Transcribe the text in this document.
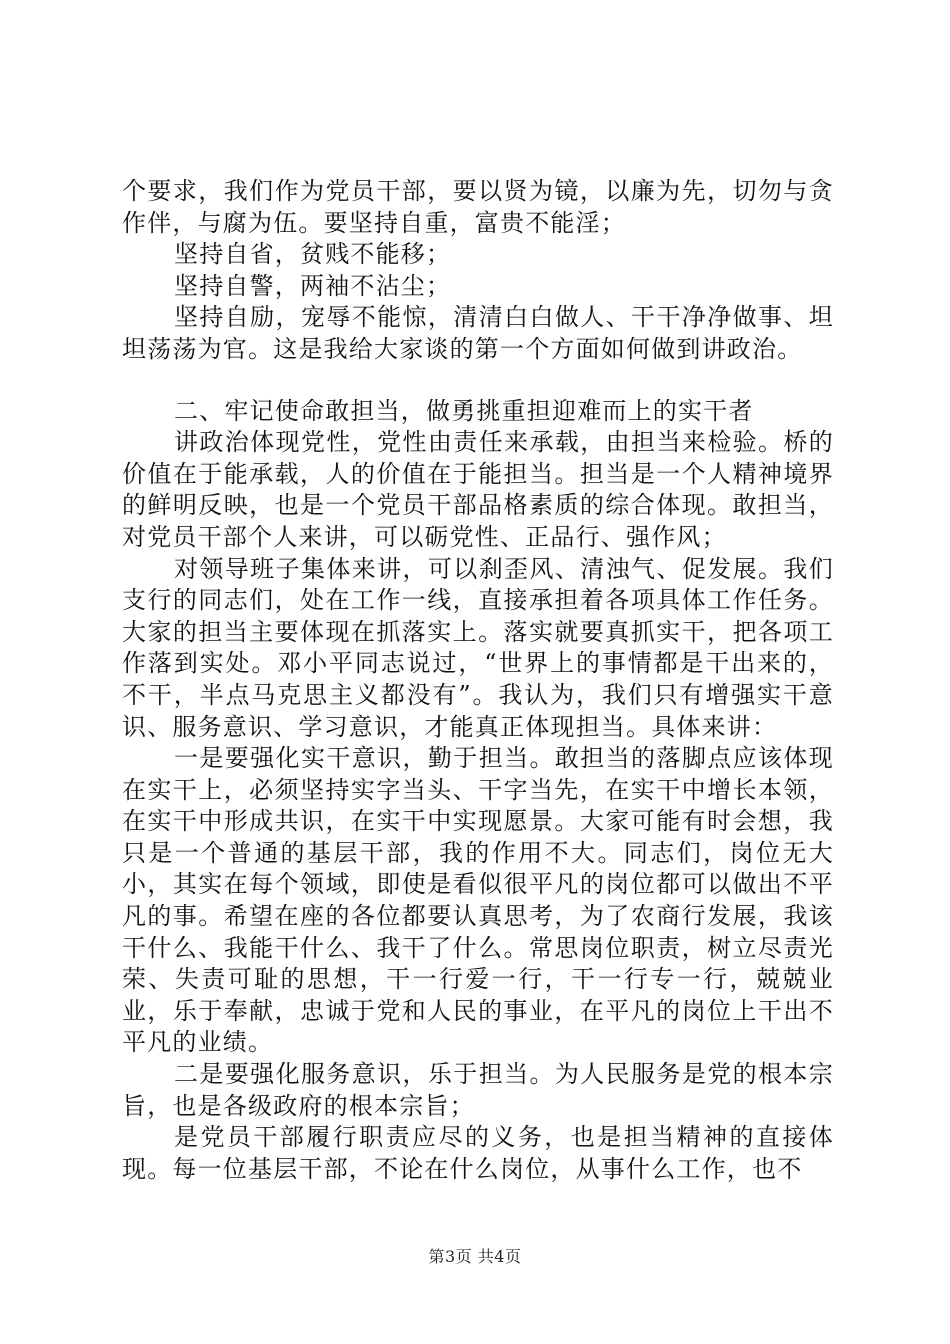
个要求，我们作为党员干部，要以贤为镜，以廉为先，切勿与贪作伴，与腐为伍。要坚持自重，富贵不能淫；

坚持自省，贫贱不能移；

坚持自警，两袖不沾尘；

坚持自励，宠辱不能惊，清清白白做人、干干净净做事、坦坦荡荡为官。这是我给大家谈的第一个方面如何做到讲政治。

二、牢记使命敢担当，做勇挑重担迎难而上的实干者

讲政治体现党性，党性由责任来承载，由担当来检验。桥的价值在于能承载，人的价值在于能担当。担当是一个人精神境界的鲜明反映，也是一个党员干部品格素质的综合体现。敢担当，对党员干部个人来讲，可以砺党性、正品行、强作风；

对领导班子集体来讲，可以刹歪风、清浊气、促发展。我们支行的同志们，处在工作一线，直接承担着各项具体工作任务。大家的担当主要体现在抓落实上。落实就要真抓实干，把各项工作落到实处。邓小平同志说过，“世界上的事情都是干出来的，不干，半点马克思主义都没有”。我认为，我们只有增强实干意识、服务意识、学习意识，才能真正体现担当。具体来讲：

一是要强化实干意识，勤于担当。敢担当的落脚点应该体现在实干上，必须坚持实字当头、干字当先，在实干中增长本领，在实干中形成共识，在实干中实现愿景。大家可能有时会想，我只是一个普通的基层干部，我的作用不大。同志们，岗位无大小，其实在每个领域，即使是看似很平凡的岗位都可以做出不平凡的事。希望在座的各位都要认真思考，为了农商行发展，我该干什么、我能干什么、我干了什么。常思岗位职责，树立尽责光荣、失责可耻的思想，干一行爱一行，干一行专一行，兢兢业业，乐于奉献，忠诚于党和人民的事业，在平凡的岗位上干出不平凡的业绩。

二是要强化服务意识，乐于担当。为人民服务是党的根本宗旨，也是各级政府的根本宗旨；

是党员干部履行职责应尽的义务，也是担当精神的直接体现。每一位基层干部，不论在什么岗位，从事什么工作，也不

第3页 共4页
